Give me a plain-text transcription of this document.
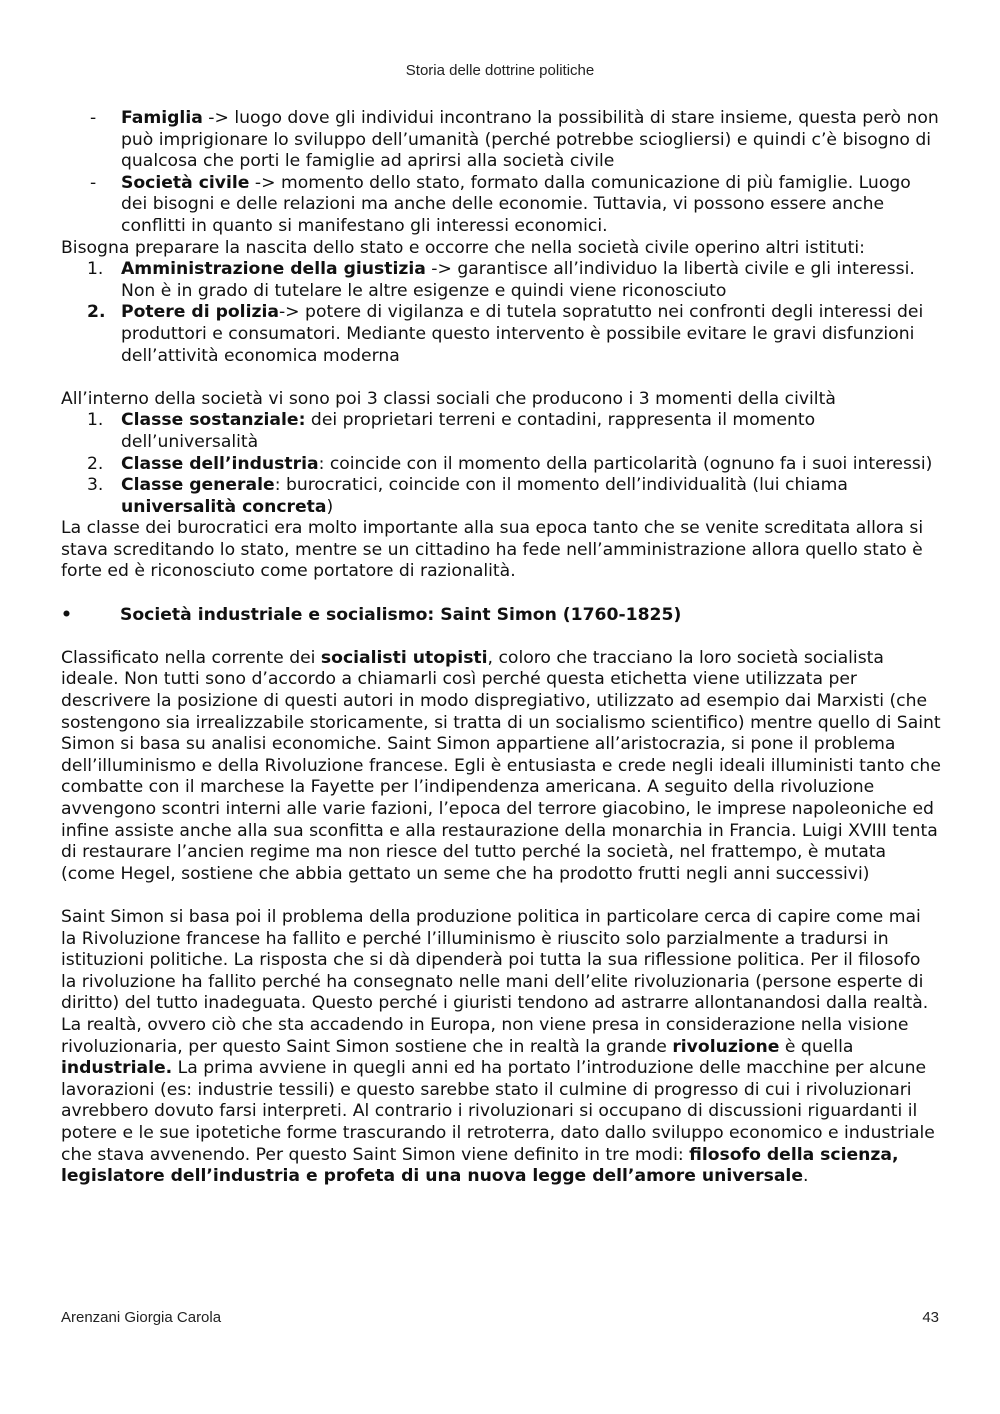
Storia delle dottrine politiche
- Famiglia -> luogo dove gli individui incontrano la possibilità di stare insieme, questa però non può imprigionare lo sviluppo dell’umanità (perché potrebbe sciogliersi) e quindi c’è bisogno di qualcosa che porti le famiglie ad aprirsi alla società civile
- Società civile -> momento dello stato, formato dalla comunicazione di più famiglie. Luogo dei bisogni e delle relazioni ma anche delle economie. Tuttavia, vi possono essere anche conflitti in quanto si manifestano gli interessi economici.

Bisogna preparare la nascita dello stato e occorre che nella società civile operino altri istituti:

1. Amministrazione della giustizia -> garantisce all’individuo la libertà civile e gli interessi. Non è in grado di tutelare le altre esigenze e quindi viene riconosciuto
2. Potere di polizia-> potere di vigilanza e di tutela sopratutto nei confronti degli interessi dei produttori e consumatori. Mediante questo intervento è possibile evitare le gravi disfunzioni dell’attività economica moderna

All’interno della società vi sono poi 3 classi sociali che producono i 3 momenti della civiltà

1. Classe sostanziale: dei proprietari terreni e contadini, rappresenta il momento dell’universalità
2. Classe dell’industria: coincide con il momento della particolarità (ognuno fa i suoi interessi)
3. Classe generale: burocratici, coincide con il momento dell’individualità (lui chiama universalità concreta)

La classe dei burocratici era molto importante alla sua epoca tanto che se venite screditata allora si stava screditando lo stato, mentre se un cittadino ha fede nell’amministrazione allora quello stato è forte ed è riconosciuto come portatore di razionalità.

•	Società industriale e socialismo: Saint Simon (1760-1825)

Classificato nella corrente dei socialisti utopisti, coloro che tracciano la loro società socialista ideale. Non tutti sono d’accordo a chiamarli così perché questa etichetta viene utilizzata per descrivere la posizione di questi autori in modo dispregiativo, utilizzato ad esempio dai Marxisti (che sostengono sia irrealizzabile storicamente, si tratta di un socialismo scientifico) mentre quello di Saint Simon si basa su analisi economiche. Saint Simon appartiene all’aristocrazia, si pone il problema dell’illuminismo e della Rivoluzione francese. Egli è entusiasta e crede negli ideali illuministi tanto che combatte con il marchese la Fayette per l’indipendenza americana. A seguito della rivoluzione avvengono scontri interni alle varie fazioni, l’epoca del terrore giacobino, le imprese napoleoniche ed infine assiste anche alla sua sconfitta e alla restaurazione della monarchia in Francia. Luigi XVIII tenta di restaurare l’ancien regime ma non riesce del tutto perché la società, nel frattempo, è mutata (come Hegel, sostiene che abbia gettato un seme che ha prodotto frutti negli anni successivi)

Saint Simon si basa poi il problema della produzione politica in particolare cerca di capire come mai la Rivoluzione francese ha fallito e perché l’illuminismo è riuscito solo parzialmente a tradursi in istituzioni politiche. La risposta che si dà dipenderà poi tutta la sua riflessione politica. Per il filosofo la rivoluzione ha fallito perché ha consegnato nelle mani dell’elite rivoluzionaria (persone esperte di diritto) del tutto inadeguata. Questo perché i giuristi tendono ad astrarre allontanandosi dalla realtà. La realtà, ovvero ciò che sta accadendo in Europa, non viene presa in considerazione nella visione rivoluzionaria, per questo Saint Simon sostiene che in realtà la grande rivoluzione è quella industriale. La prima avviene in quegli anni ed ha portato l’introduzione delle macchine per alcune lavorazioni (es: industrie tessili) e questo sarebbe stato il culmine di progresso di cui i rivoluzionari avrebbero dovuto farsi interpreti. Al contrario i rivoluzionari si occupano di discussioni riguardanti il potere e le sue ipotetiche forme trascurando il retroterra, dato dallo sviluppo economico e industriale che stava avvenendo. Per questo Saint Simon viene definito in tre modi: filosofo della scienza, legislatore dell’industria e profeta di una nuova legge dell’amore universale.

Arenzani Giorgia Carola	43
